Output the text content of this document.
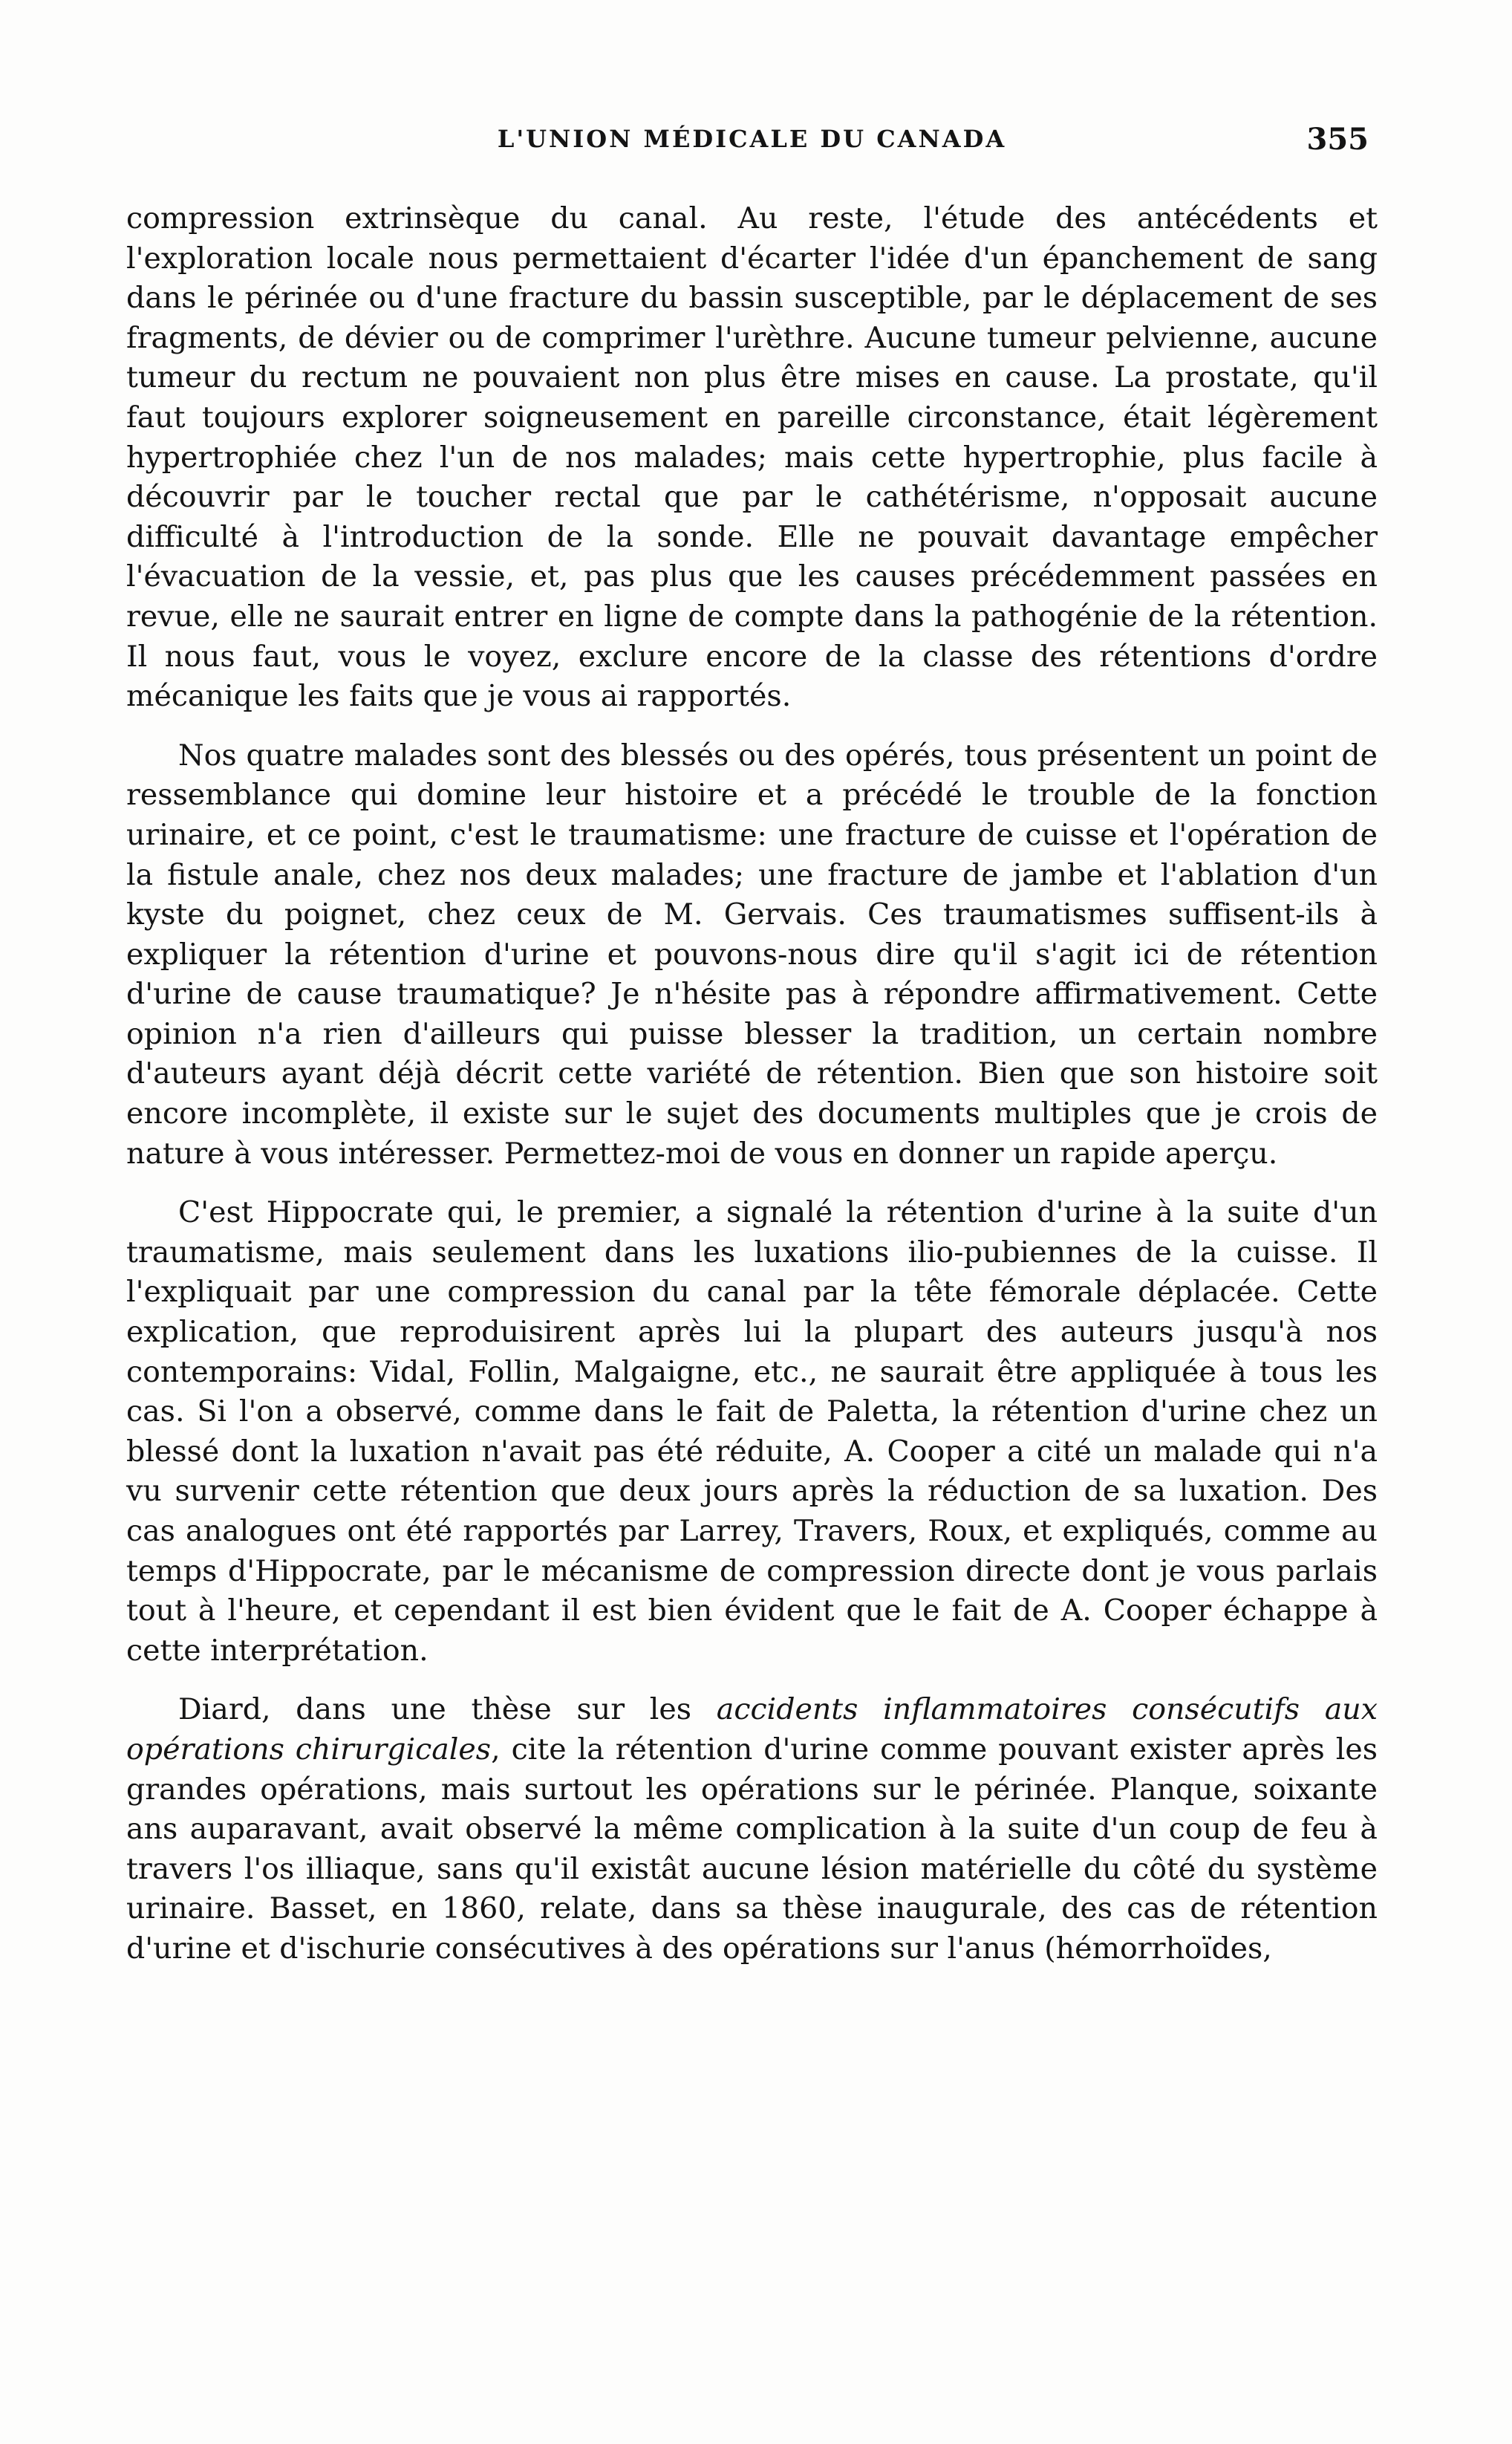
L'UNION MÉDICALE DU CANADA	355

compression extrinsèque du canal. Au reste, l'étude des antécédents et l'exploration locale nous permettaient d'écarter l'idée d'un épanchement de sang dans le périnée ou d'une fracture du bassin susceptible, par le déplacement de ses fragments, de dévier ou de comprimer l'urèthre. Aucune tumeur pelvienne, aucune tumeur du rectum ne pouvaient non plus être mises en cause. La prostate, qu'il faut toujours explorer soigneusement en pareille circonstance, était légèrement hypertrophiée chez l'un de nos malades; mais cette hypertrophie, plus facile à découvrir par le toucher rectal que par le cathétérisme, n'opposait aucune difficulté à l'introduction de la sonde. Elle ne pouvait davantage empêcher l'évacuation de la vessie, et, pas plus que les causes précédemment passées en revue, elle ne saurait entrer en ligne de compte dans la pathogénie de la rétention. Il nous faut, vous le voyez, exclure encore de la classe des rétentions d'ordre mécanique les faits que je vous ai rapportés.

Nos quatre malades sont des blessés ou des opérés, tous présentent un point de ressemblance qui domine leur histoire et a précédé le trouble de la fonction urinaire, et ce point, c'est le traumatisme: une fracture de cuisse et l'opération de la fistule anale, chez nos deux malades; une fracture de jambe et l'ablation d'un kyste du poignet, chez ceux de M. Gervais. Ces traumatismes suffisent-ils à expliquer la rétention d'urine et pouvons-nous dire qu'il s'agit ici de rétention d'urine de cause traumatique? Je n'hésite pas à répondre affirmativement. Cette opinion n'a rien d'ailleurs qui puisse blesser la tradition, un certain nombre d'auteurs ayant déjà décrit cette variété de rétention. Bien que son histoire soit encore incomplète, il existe sur le sujet des documents multiples que je crois de nature à vous intéresser. Permettez-moi de vous en donner un rapide aperçu.

C'est Hippocrate qui, le premier, a signalé la rétention d'urine à la suite d'un traumatisme, mais seulement dans les luxations ilio-pubiennes de la cuisse. Il l'expliquait par une compression du canal par la tête fémorale déplacée. Cette explication, que reproduisirent après lui la plupart des auteurs jusqu'à nos contemporains: Vidal, Follin, Malgaigne, etc., ne saurait être appliquée à tous les cas. Si l'on a observé, comme dans le fait de Paletta, la rétention d'urine chez un blessé dont la luxation n'avait pas été réduite, A. Cooper a cité un malade qui n'a vu survenir cette rétention que deux jours après la réduction de sa luxation. Des cas analogues ont été rapportés par Larrey, Travers, Roux, et expliqués, comme au temps d'Hippocrate, par le mécanisme de compression directe dont je vous parlais tout à l'heure, et cependant il est bien évident que le fait de A. Cooper échappe à cette interprétation.

Diard, dans une thèse sur les accidents inflammatoires consécutifs aux opérations chirurgicales, cite la rétention d'urine comme pouvant exister après les grandes opérations, mais surtout les opérations sur le périnée. Planque, soixante ans auparavant, avait observé la même complication à la suite d'un coup de feu à travers l'os illiaque, sans qu'il existât aucune lésion matérielle du côté du système urinaire. Basset, en 1860, relate, dans sa thèse inaugurale, des cas de rétention d'urine et d'ischurie consécutives à des opérations sur l'anus (hémorrhoïdes,
